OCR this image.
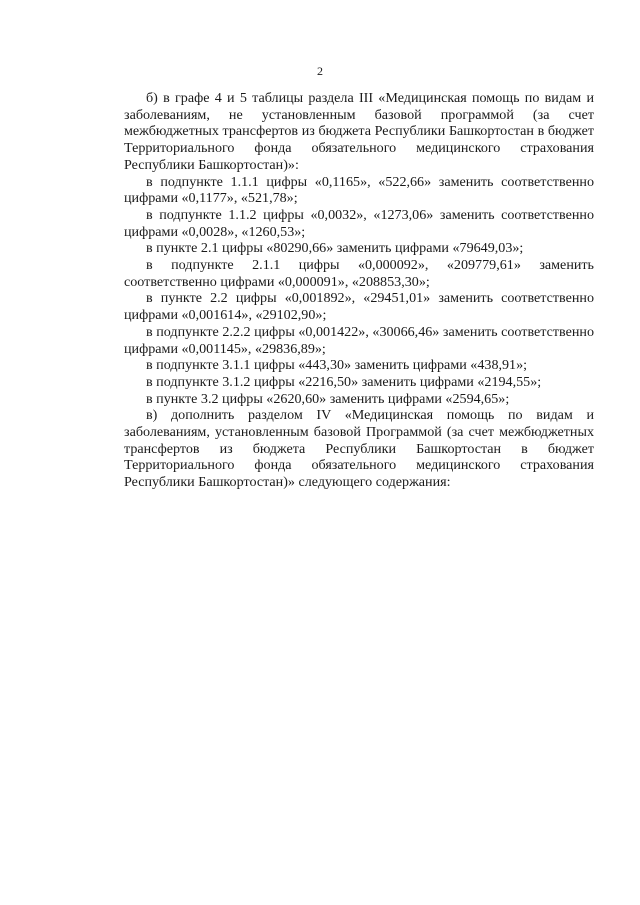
2

б) в графе 4 и 5 таблицы раздела III «Медицинская помощь по видам и заболеваниям, не установленным базовой программой (за счет межбюджетных трансфертов из бюджета Республики Башкортостан в бюджет Территориального фонда обязательного медицинского страхования Республики Башкортостан)»:

в подпункте 1.1.1 цифры «0,1165», «522,66» заменить соответственно цифрами «0,1177», «521,78»;

в подпункте 1.1.2 цифры «0,0032», «1273,06» заменить соответственно цифрами «0,0028», «1260,53»;

в пункте 2.1 цифры «80290,66» заменить цифрами «79649,03»;

в подпункте 2.1.1 цифры «0,000092», «209779,61» заменить соответственно цифрами «0,000091», «208853,30»;

в пункте 2.2 цифры «0,001892», «29451,01» заменить соответственно цифрами «0,001614», «29102,90»;

в подпункте 2.2.2 цифры «0,001422», «30066,46» заменить соответственно цифрами «0,001145», «29836,89»;

в подпункте 3.1.1 цифры «443,30» заменить цифрами «438,91»;

в подпункте 3.1.2 цифры «2216,50» заменить цифрами «2194,55»;

в пункте 3.2 цифры «2620,60» заменить цифрами «2594,65»;

в) дополнить разделом IV «Медицинская помощь по видам и заболеваниям, установленным базовой Программой (за счет межбюджетных трансфертов из бюджета Республики Башкортостан в бюджет Территориального фонда обязательного медицинского страхования Республики Башкортостан)» следующего содержания:
